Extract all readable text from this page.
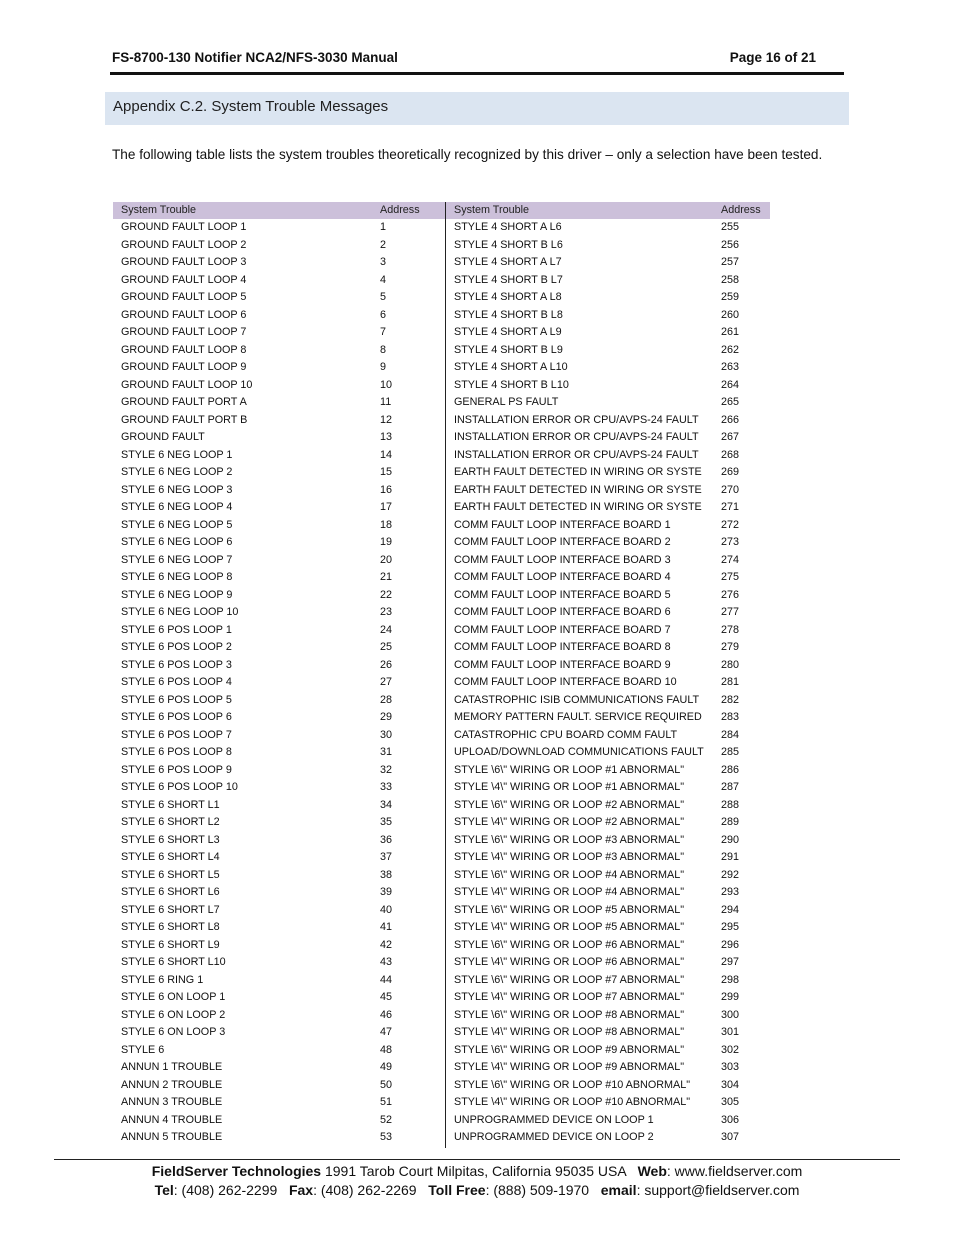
FS-8700-130 Notifier NCA2/NFS-3030 Manual	Page 16 of 21
Appendix C.2. System Trouble Messages
The following table lists the system troubles theoretically recognized by this driver – only a selection have been tested.
System Trouble	Address	System Trouble	Address
GROUND FAULT LOOP 1	1	STYLE 4 SHORT A L6	255
GROUND FAULT LOOP 2	2	STYLE 4 SHORT B L6	256
GROUND FAULT LOOP 3	3	STYLE 4 SHORT A L7	257
GROUND FAULT LOOP 4	4	STYLE 4 SHORT B L7	258
GROUND FAULT LOOP 5	5	STYLE 4 SHORT A L8	259
GROUND FAULT LOOP 6	6	STYLE 4 SHORT B L8	260
GROUND FAULT LOOP 7	7	STYLE 4 SHORT A L9	261
GROUND FAULT LOOP 8	8	STYLE 4 SHORT B L9	262
GROUND FAULT LOOP 9	9	STYLE 4 SHORT A L10	263
GROUND FAULT LOOP 10	10	STYLE 4 SHORT B L10	264
GROUND FAULT PORT A	11	GENERAL PS FAULT	265
GROUND FAULT PORT B	12	INSTALLATION ERROR OR CPU/AVPS-24 FAULT 266
GROUND FAULT	13	INSTALLATION ERROR OR CPU/AVPS-24 FAULT 267
STYLE 6 NEG LOOP 1	14	INSTALLATION ERROR OR CPU/AVPS-24 FAULT 268
STYLE 6 NEG LOOP 2	15	EARTH FAULT DETECTED IN WIRING OR SYSTE 269
STYLE 6 NEG LOOP 3	16	EARTH FAULT DETECTED IN WIRING OR SYSTE 270
STYLE 6 NEG LOOP 4	17	EARTH FAULT DETECTED IN WIRING OR SYSTE 271
STYLE 6 NEG LOOP 5	18	COMM FAULT LOOP INTERFACE BOARD 1	272
STYLE 6 NEG LOOP 6	19	COMM FAULT LOOP INTERFACE BOARD 2	273
STYLE 6 NEG LOOP 7	20	COMM FAULT LOOP INTERFACE BOARD 3	274
STYLE 6 NEG LOOP 8	21	COMM FAULT LOOP INTERFACE BOARD 4	275
STYLE 6 NEG LOOP 9	22	COMM FAULT LOOP INTERFACE BOARD 5	276
STYLE 6 NEG LOOP 10	23	COMM FAULT LOOP INTERFACE BOARD 6	277
STYLE 6 POS LOOP 1	24	COMM FAULT LOOP INTERFACE BOARD 7	278
STYLE 6 POS LOOP 2	25	COMM FAULT LOOP INTERFACE BOARD 8	279
STYLE 6 POS LOOP 3	26	COMM FAULT LOOP INTERFACE BOARD 9	280
STYLE 6 POS LOOP 4	27	COMM FAULT LOOP INTERFACE BOARD 10	281
STYLE 6 POS LOOP 5	28	CATASTROPHIC ISIB COMMUNICATIONS FAULT 282
STYLE 6 POS LOOP 6	29	MEMORY PATTERN FAULT. SERVICE REQUIRED 283
STYLE 6 POS LOOP 7	30	CATASTROPHIC CPU BOARD COMM FAULT	284
STYLE 6 POS LOOP 8	31	UPLOAD/DOWNLOAD COMMUNICATIONS FAULT 285
STYLE 6 POS LOOP 9	32	STYLE \6\" WIRING OR LOOP #1 ABNORMAL"	286
STYLE 6 POS LOOP 10	33	STYLE \4\" WIRING OR LOOP #1 ABNORMAL"	287
STYLE 6 SHORT L1	34	STYLE \6\" WIRING OR LOOP #2 ABNORMAL"	288
STYLE 6 SHORT L2	35	STYLE \4\" WIRING OR LOOP #2 ABNORMAL"	289
STYLE 6 SHORT L3	36	STYLE \6\" WIRING OR LOOP #3 ABNORMAL"	290
STYLE 6 SHORT L4	37	STYLE \4\" WIRING OR LOOP #3 ABNORMAL"	291
STYLE 6 SHORT L5	38	STYLE \6\" WIRING OR LOOP #4 ABNORMAL"	292
STYLE 6 SHORT L6	39	STYLE \4\" WIRING OR LOOP #4 ABNORMAL"	293
STYLE 6 SHORT L7	40	STYLE \6\" WIRING OR LOOP #5 ABNORMAL"	294
STYLE 6 SHORT L8	41	STYLE \4\" WIRING OR LOOP #5 ABNORMAL"	295
STYLE 6 SHORT L9	42	STYLE \6\" WIRING OR LOOP #6 ABNORMAL"	296
STYLE 6 SHORT L10	43	STYLE \4\" WIRING OR LOOP #6 ABNORMAL"	297
STYLE 6 RING 1	44	STYLE \6\" WIRING OR LOOP #7 ABNORMAL"	298
STYLE 6 ON LOOP 1	45	STYLE \4\" WIRING OR LOOP #7 ABNORMAL"	299
STYLE 6 ON LOOP 2	46	STYLE \6\" WIRING OR LOOP #8 ABNORMAL"	300
STYLE 6 ON LOOP 3	47	STYLE \4\" WIRING OR LOOP #8 ABNORMAL"	301
STYLE 6	48	STYLE \6\" WIRING OR LOOP #9 ABNORMAL"	302
ANNUN 1 TROUBLE	49	STYLE \4\" WIRING OR LOOP #9 ABNORMAL"	303
ANNUN 2 TROUBLE	50	STYLE \6\" WIRING OR LOOP #10 ABNORMAL"	304
ANNUN 3 TROUBLE	51	STYLE \4\" WIRING OR LOOP #10 ABNORMAL"	305
ANNUN 4 TROUBLE	52	UNPROGRAMMED DEVICE ON LOOP 1	306
ANNUN 5 TROUBLE	53	UNPROGRAMMED DEVICE ON LOOP 2	307
FieldServer Technologies 1991 Tarob Court Milpitas, California 95035 USA   Web: www.fieldserver.com
Tel: (408) 262-2299   Fax: (408) 262-2269   Toll Free: (888) 509-1970   email: support@fieldserver.com
